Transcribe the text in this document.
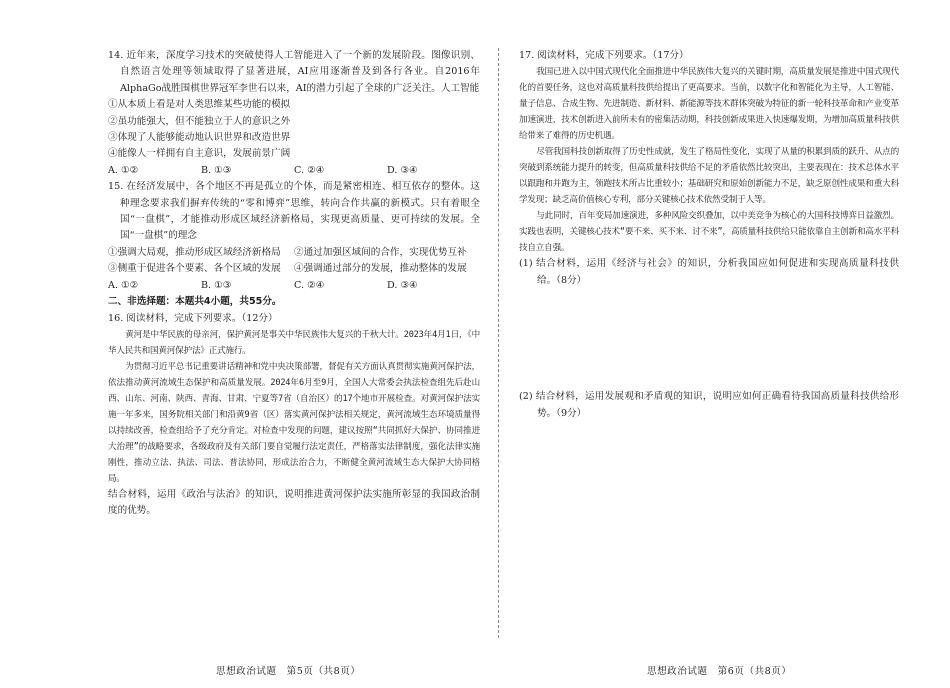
14. 近年来，深度学习技术的突破使得人工智能进入了一个新的发展阶段。图像识别、自然语言处理等领域取得了显著进展，AI应用逐渐普及到各行各业。自2016年AlphaGo战胜围棋世界冠军李世石以来，AI的潜力引起了全球的广泛关注。人工智能
①从本质上看是对人类思维某些功能的模拟
②虽功能强大，但不能独立于人的意识之外
③体现了人能够能动地认识世界和改造世界
④能像人一样拥有自主意识，发展前景广阔
A. ①②	B. ①③	C. ②④	D. ③④
15. 在经济发展中，各个地区不再是孤立的个体，而是紧密相连、相互依存的整体。这种理念要求我们摒弃传统的“零和博弈”思维，转向合作共赢的新模式。只有着眼全国“一盘棋”，才能推动形成区域经济新格局，实现更高质量、更可持续的发展。全国“一盘棋”的理念
①强调大局观，推动形成区域经济新格局	②通过加强区域间的合作，实现优势互补
③侧重于促进各个要素、各个区域的发展	④强调通过部分的发展，推动整体的发展
A. ①②	B. ①③	C. ②④	D. ③④
二、非选择题：本题共4小题，共55分。
16. 阅读材料，完成下列要求。（12分）

黄河是中华民族的母亲河，保护黄河是事关中华民族伟大复兴的千秋大计。2023年4月1日，《中华人民共和国黄河保护法》正式施行。

为贯彻习近平总书记重要讲话精神和党中央决策部署，督促有关方面认真贯彻实施黄河保护法，依法推动黄河流域生态保护和高质量发展。2024年6月至9月，全国人大常委会执法检查组先后赴山西、山东、河南、陕西、青海、甘肃、宁夏等7省（自治区）的17个地市开展检查。对黄河保护法实施一年多来，国务院相关部门和沿黄9省（区）落实黄河保护法相关规定，黄河流域生态环境质量得以持续改善，检查组给予了充分肯定。对检查中发现的问题，建议按照“共同抓好大保护、协同推进大治理”的战略要求，各级政府及有关部门要自觉履行法定责任，严格落实法律制度，强化法律实施刚性，推动立法、执法、司法、普法协同，形成法治合力，不断健全黄河流域生态大保护大协同格局。

结合材料，运用《政治与法治》的知识，说明推进黄河保护法实施所彰显的我国政治制度的优势。
思想政治试题　第5页（共8页）
17. 阅读材料，完成下列要求。（17分）

我国已进入以中国式现代化全面推进中华民族伟大复兴的关键时期，高质量发展是推进中国式现代化的首要任务，这也对高质量科技供给提出了更高要求。当前，以数字化和智能化为主导，人工智能、量子信息、合成生物、先进制造、新材料、新能源等技术群体突破为特征的新一轮科技革命和产业变革加速演进，技术创新进入前所未有的密集活动期，科技创新成果进入快速爆发期，为增加高质量科技供给带来了难得的历史机遇。

尽管我国科技创新取得了历史性成就，发生了格局性变化，实现了从量的积累到质的跃升、从点的突破到系统能力提升的转变，但高质量科技供给不足的矛盾依然比较突出，主要表现在：技术总体水平以跟跑和并跑为主，领跑技术所占比重较小；基础研究和原始创新能力不足，缺乏原创性成果和重大科学发现；缺乏高价值核心专利，部分关键核心技术依然受制于人等。

与此同时，百年变局加速演进，多种风险交织叠加，以中美竞争为核心的大国科技博弈日益激烈。实践也表明，关键核心技术“要不来、买不来、讨不来”，高质量科技供给只能依靠自主创新和高水平科技自立自强。

(1) 结合材料，运用《经济与社会》的知识，分析我国应如何促进和实现高质量科技供给。（8分）
(2) 结合材料，运用发展观和矛盾观的知识，说明应如何正确看待我国高质量科技供给形势。（9分）
思想政治试题　第6页（共8页）
